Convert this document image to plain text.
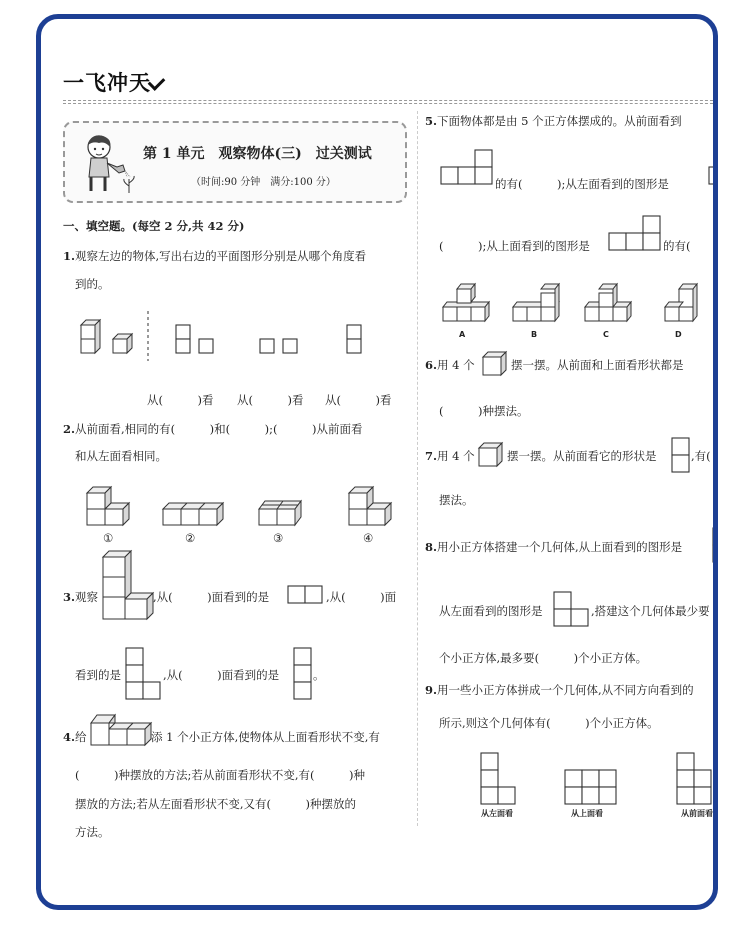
一飞冲天
第 1 单元　观察物体(三)　过关测试
（时间:90 分钟　满分:100 分）
一、填空题。(每空 2 分,共 42 分)
1.观察左边的物体,写出右边的平面图形分别是从哪个角度看
到的。
从(　　　)看 从(　　　)看 从(　　　)看
2.从前面看,相同的有(　　　)和(　　　);(　　　)从前面看
和从左面看相同。
①	②	③	④
3.观察	,从(　　　)面看到的是	,从(　　　)面
看到的是	,从(　　　)面看到的是	。
4.给	添 1 个小正方体,使物体从上面看形状不变,有
(　　　)种摆放的方法;若从前面看形状不变,有(　　　)种
摆放的方法;若从左面看形状不变,又有(　　　)种摆放的
方法。
5.下面物体都是由 5 个正方体摆成的。从前面看到
的有(　　　);从左面看到的图形是
(　　　);从上面看到的图形是	的有(
A	B	C	D
6.用 4 个	摆一摆。从前面和上面看形状都是
(　　　)种摆法。
7.用 4 个	摆一摆。从前面看它的形状是	,有(
摆法。
8.用小正方体搭建一个几何体,从上面看到的图形是
从左面看到的图形是	,搭建这个几何体最少要
个小正方体,最多要(　　　)个小正方体。
9.用一些小正方体拼成一个几何体,从不同方向看到的
所示,则这个几何体有(　　　)个小正方体。
从左面看	从上面看	从前面看
